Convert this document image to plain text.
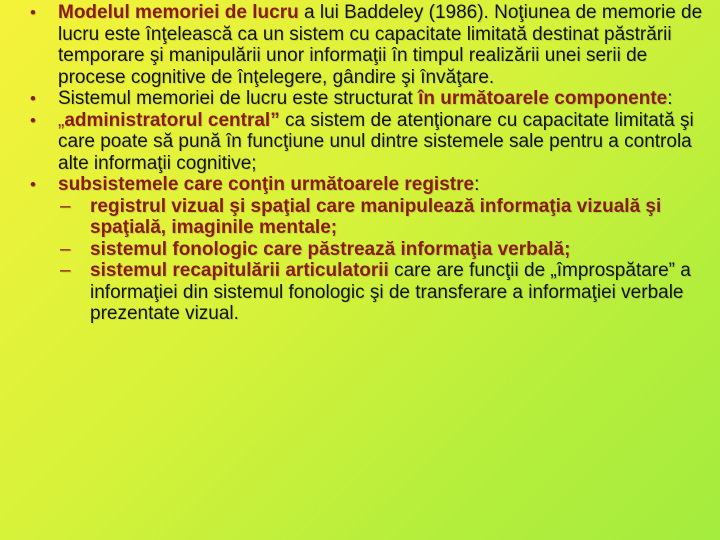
• Modelul memoriei de lucru a lui Baddeley (1986). Noţiunea de memorie de lucru este înţelească ca un sistem cu capacitate limitată destinat păstrării temporare şi manipulării unor informaţii în timpul realizării unei serii de procese cognitive de înţelegere, gândire şi învăţare.
• Sistemul memoriei de lucru este structurat în următoarele componente:
• „administratorul central” ca sistem de atenţionare cu capacitate limitată şi care poate să pună în funcţiune unul dintre sistemele sale pentru a controla alte informaţii cognitive;
• subsistemele care conţin următoarele registre:
– registrul vizual şi spaţial care manipulează informaţia vizuală şi spaţială, imaginile mentale;
– sistemul fonologic care păstrează informaţia verbală;
– sistemul recapitulării articulatorii care are funcţii de „împrospătare” a informaţiei din sistemul fonologic şi de transferare a informaţiei verbale prezentate vizual.
